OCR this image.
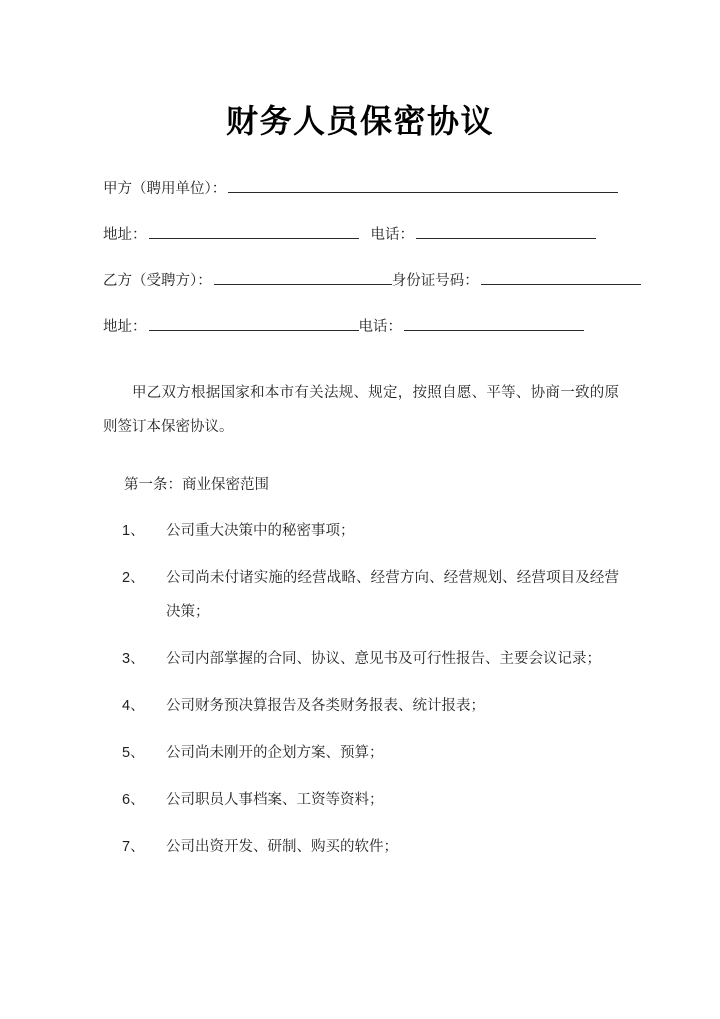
财务人员保密协议
甲方（聘用单位）：
地址：	电话：
乙方（受聘方）：	身份证号码：
地址：	电话：

甲乙双方根据国家和本市有关法规、规定，按照自愿、平等、协商一致的原则签订本保密协议。

第一条：商业保密范围

1、	公司重大决策中的秘密事项；
2、	公司尚未付诸实施的经营战略、经营方向、经营规划、经营项目及经营决策；
3、	公司内部掌握的合同、协议、意见书及可行性报告、主要会议记录；
4、	公司财务预决算报告及各类财务报表、统计报表；
5、	公司尚未刚开的企划方案、预算；
6、	公司职员人事档案、工资等资料；
7、	公司出资开发、研制、购买的软件；
